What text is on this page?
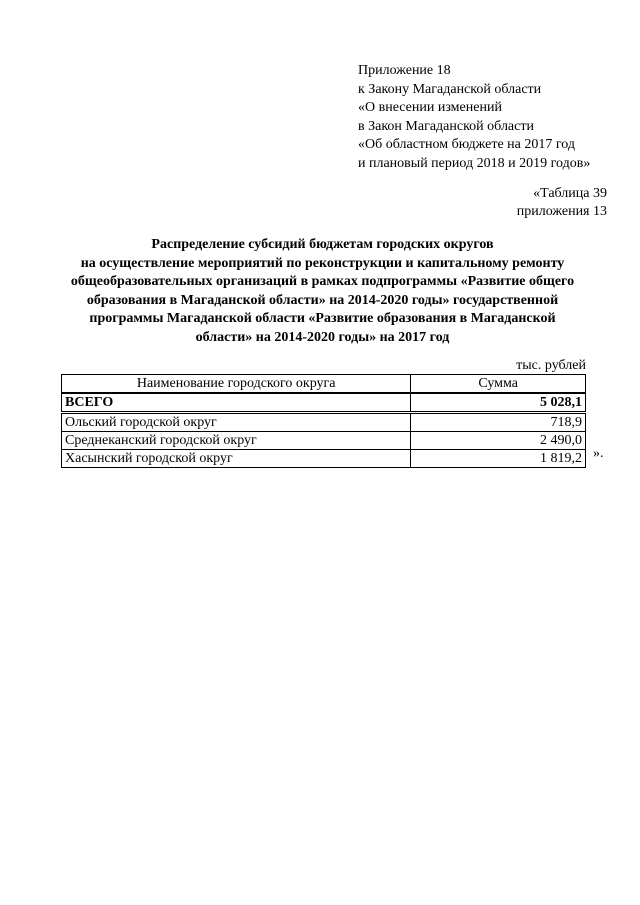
Приложение 18
к Закону Магаданской области
«О внесении изменений
в Закон Магаданской области
«Об областном бюджете на 2017 год
и плановый период 2018 и 2019 годов»
«Таблица 39
приложения 13
Распределение субсидий бюджетам городских округов
на осуществление мероприятий по реконструкции и капитальному ремонту
общеобразовательных организаций в рамках подпрограммы «Развитие общего
образования в Магаданской области» на 2014-2020 годы» государственной
программы Магаданской области «Развитие образования в Магаданской
области» на 2014-2020 годы» на 2017 год
тыс. рублей
Наименование городского округа	Сумма
ВСЕГО	5 028,1
Ольский городской округ	718,9
Среднеканский городской округ	2 490,0
Хасынский городской округ	1 819,2 ».
